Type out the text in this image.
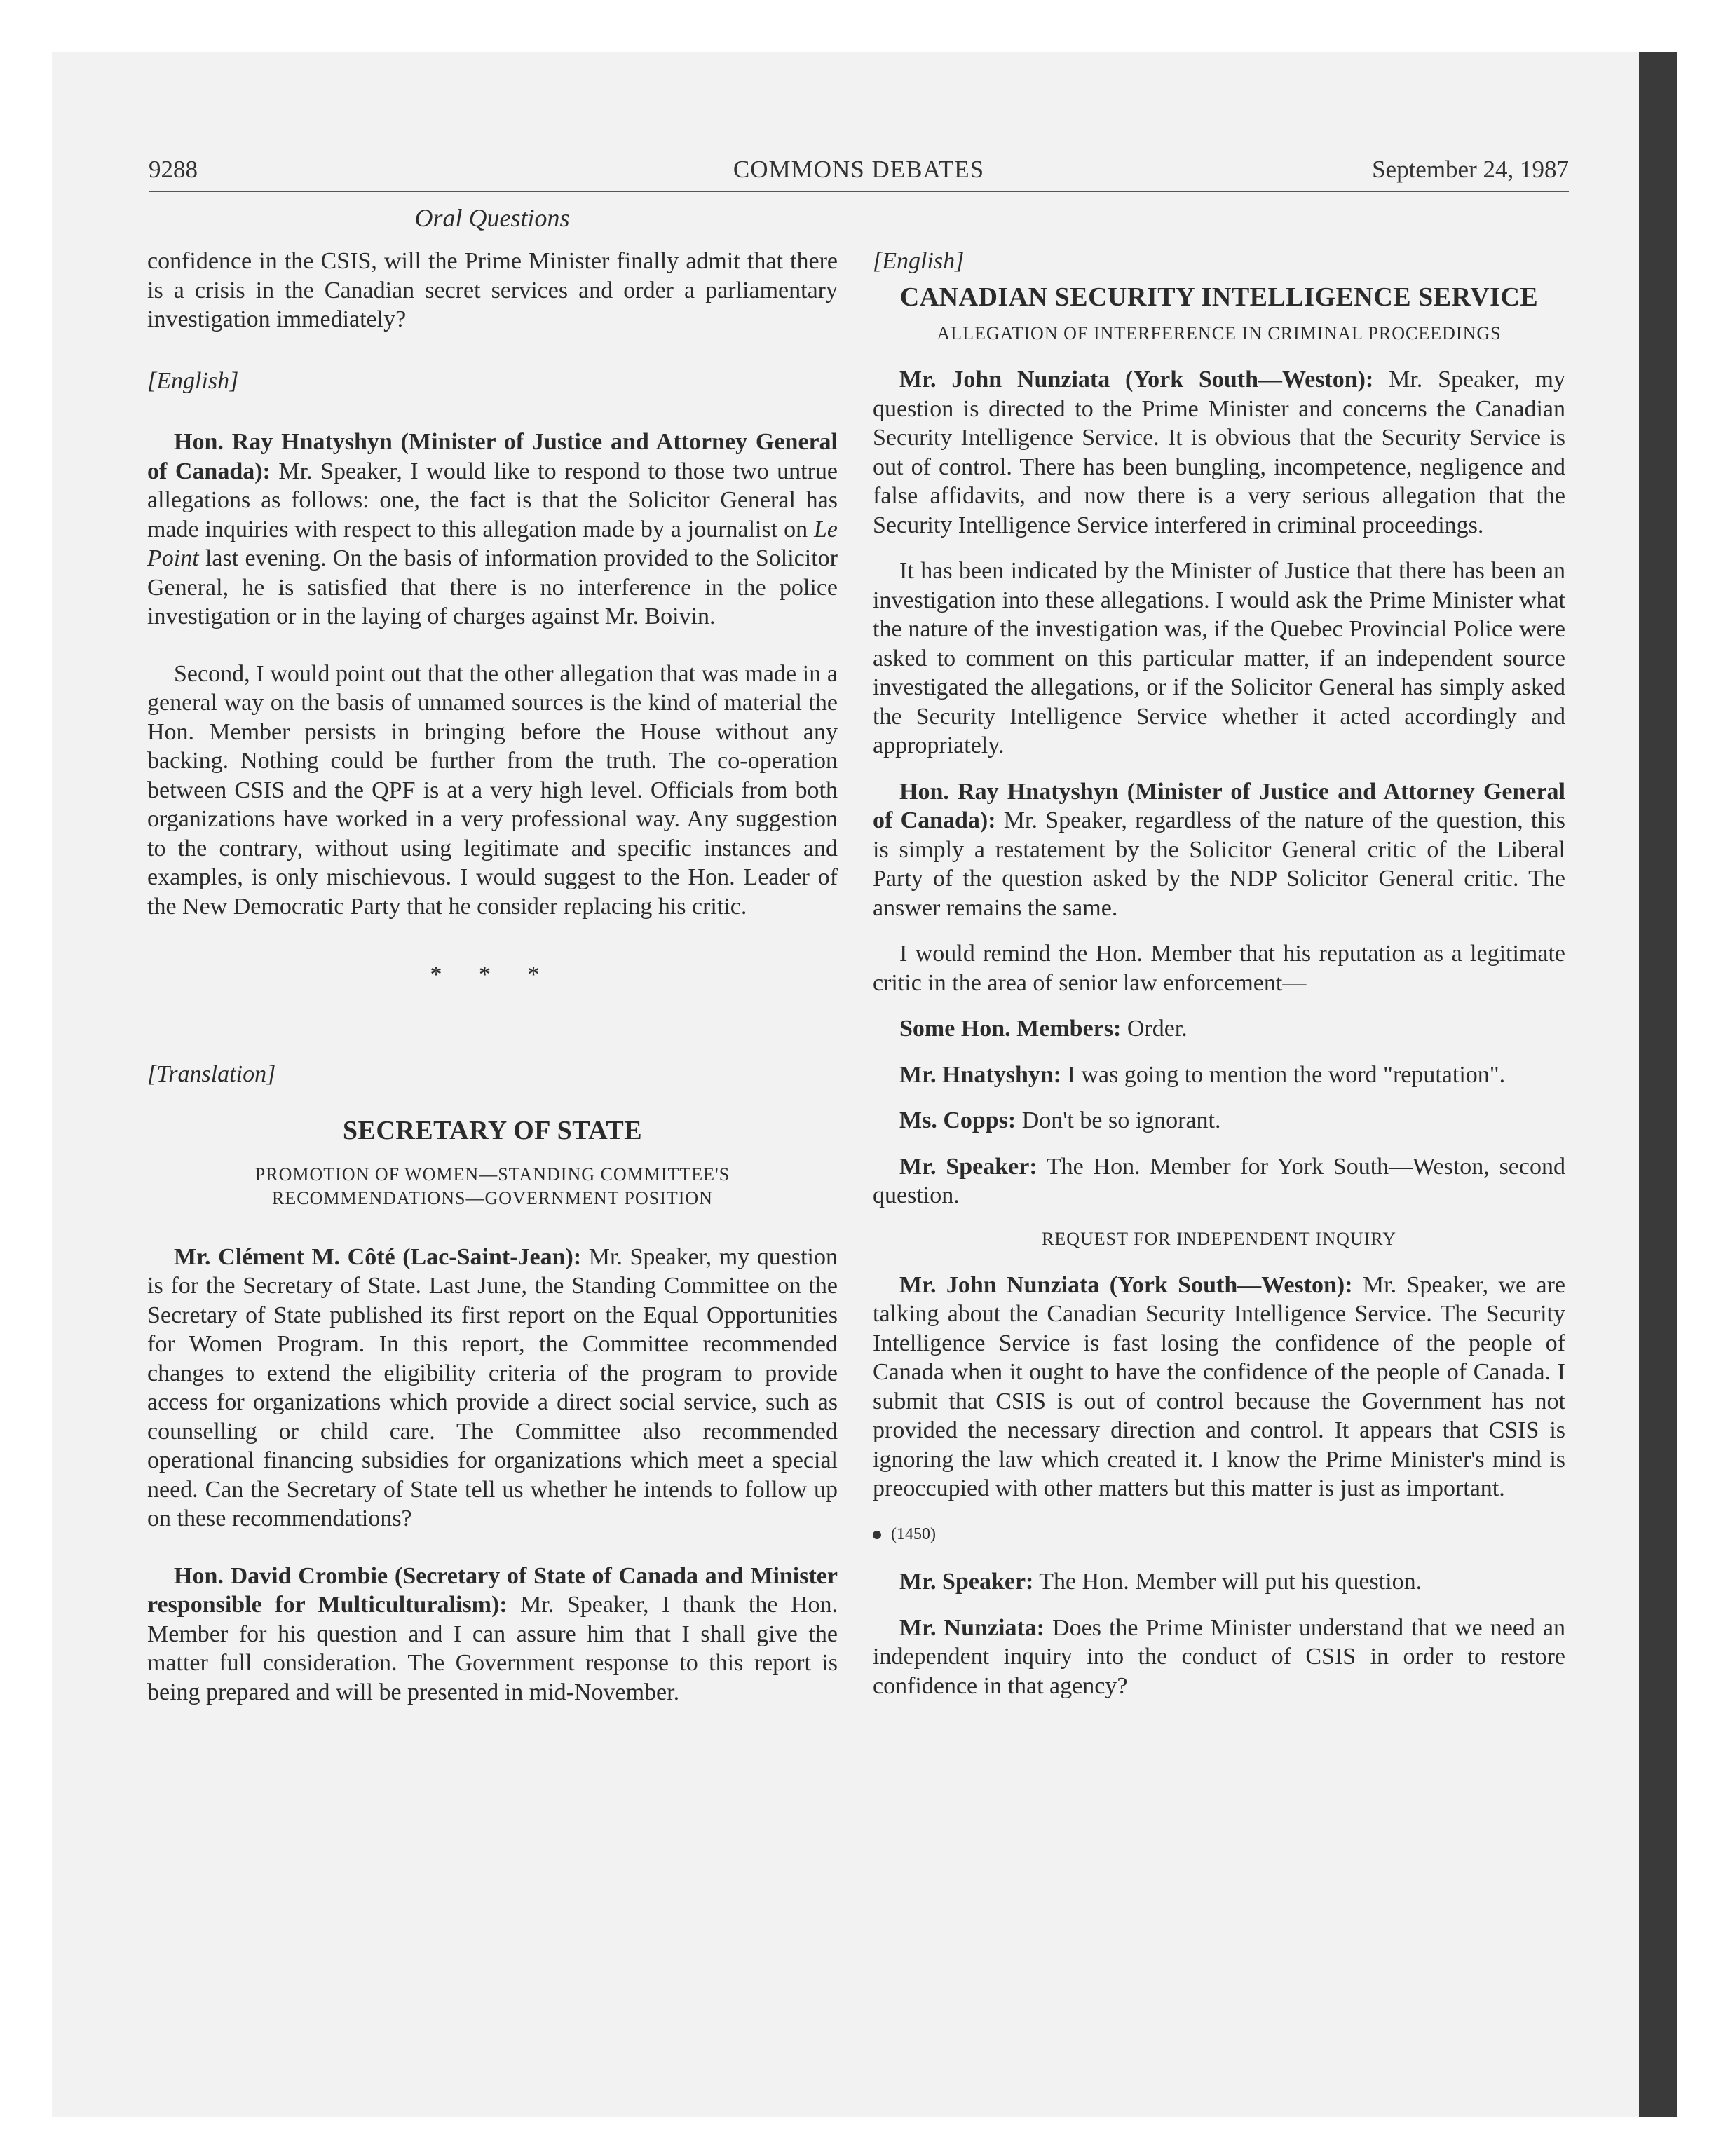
9288	COMMONS DEBATES	September 24, 1987
Oral Questions

confidence in the CSIS, will the Prime Minister finally admit that there is a crisis in the Canadian secret services and order a parliamentary investigation immediately?

[English]

Hon. Ray Hnatyshyn (Minister of Justice and Attorney General of Canada): Mr. Speaker, I would like to respond to those two untrue allegations as follows: one, the fact is that the Solicitor General has made inquiries with respect to this allegation made by a journalist on Le Point last evening. On the basis of information provided to the Solicitor General, he is satisfied that there is no interference in the police investigation or in the laying of charges against Mr. Boivin.

Second, I would point out that the other allegation that was made in a general way on the basis of unnamed sources is the kind of material the Hon. Member persists in bringing before the House without any backing. Nothing could be further from the truth. The co-operation between CSIS and the QPF is at a very high level. Officials from both organizations have worked in a very professional way. Any suggestion to the contrary, without using legitimate and specific instances and examples, is only mischievous. I would suggest to the Hon. Leader of the New Democratic Party that he consider replacing his critic.

* * *
[Translation]
SECRETARY OF STATE
PROMOTION OF WOMEN—STANDING COMMITTEE'S RECOMMENDATIONS—GOVERNMENT POSITION

Mr. Clément M. Côté (Lac-Saint-Jean): Mr. Speaker, my question is for the Secretary of State. Last June, the Standing Committee on the Secretary of State published its first report on the Equal Opportunities for Women Program. In this report, the Committee recommended changes to extend the eligibility criteria of the program to provide access for organizations which provide a direct social service, such as counselling or child care. The Committee also recommended operational financing subsidies for organizations which meet a special need. Can the Secretary of State tell us whether he intends to follow up on these recommendations?

Hon. David Crombie (Secretary of State of Canada and Minister responsible for Multiculturalism): Mr. Speaker, I thank the Hon. Member for his question and I can assure him that I shall give the matter full consideration. The Government response to this report is being prepared and will be presented in mid-November.

[English]
CANADIAN SECURITY INTELLIGENCE SERVICE
ALLEGATION OF INTERFERENCE IN CRIMINAL PROCEEDINGS

Mr. John Nunziata (York South—Weston): Mr. Speaker, my question is directed to the Prime Minister and concerns the Canadian Security Intelligence Service. It is obvious that the Security Service is out of control. There has been bungling, incompetence, negligence and false affidavits, and now there is a very serious allegation that the Security Intelligence Service interfered in criminal proceedings.

It has been indicated by the Minister of Justice that there has been an investigation into these allegations. I would ask the Prime Minister what the nature of the investigation was, if the Quebec Provincial Police were asked to comment on this particular matter, if an independent source investigated the allegations, or if the Solicitor General has simply asked the Security Intelligence Service whether it acted accordingly and appropriately.

Hon. Ray Hnatyshyn (Minister of Justice and Attorney General of Canada): Mr. Speaker, regardless of the nature of the question, this is simply a restatement by the Solicitor General critic of the Liberal Party of the question asked by the NDP Solicitor General critic. The answer remains the same.

I would remind the Hon. Member that his reputation as a legitimate critic in the area of senior law enforcement—

Some Hon. Members: Order.

Mr. Hnatyshyn: I was going to mention the word "reputation".

Ms. Copps: Don't be so ignorant.

Mr. Speaker: The Hon. Member for York South—Weston, second question.

REQUEST FOR INDEPENDENT INQUIRY

Mr. John Nunziata (York South—Weston): Mr. Speaker, we are talking about the Canadian Security Intelligence Service. The Security Intelligence Service is fast losing the confidence of the people of Canada when it ought to have the confidence of the people of Canada. I submit that CSIS is out of control because the Government has not provided the necessary direction and control. It appears that CSIS is ignoring the law which created it. I know the Prime Minister's mind is preoccupied with other matters but this matter is just as important.

(1450)

Mr. Speaker: The Hon. Member will put his question.

Mr. Nunziata: Does the Prime Minister understand that we need an independent inquiry into the conduct of CSIS in order to restore confidence in that agency?
